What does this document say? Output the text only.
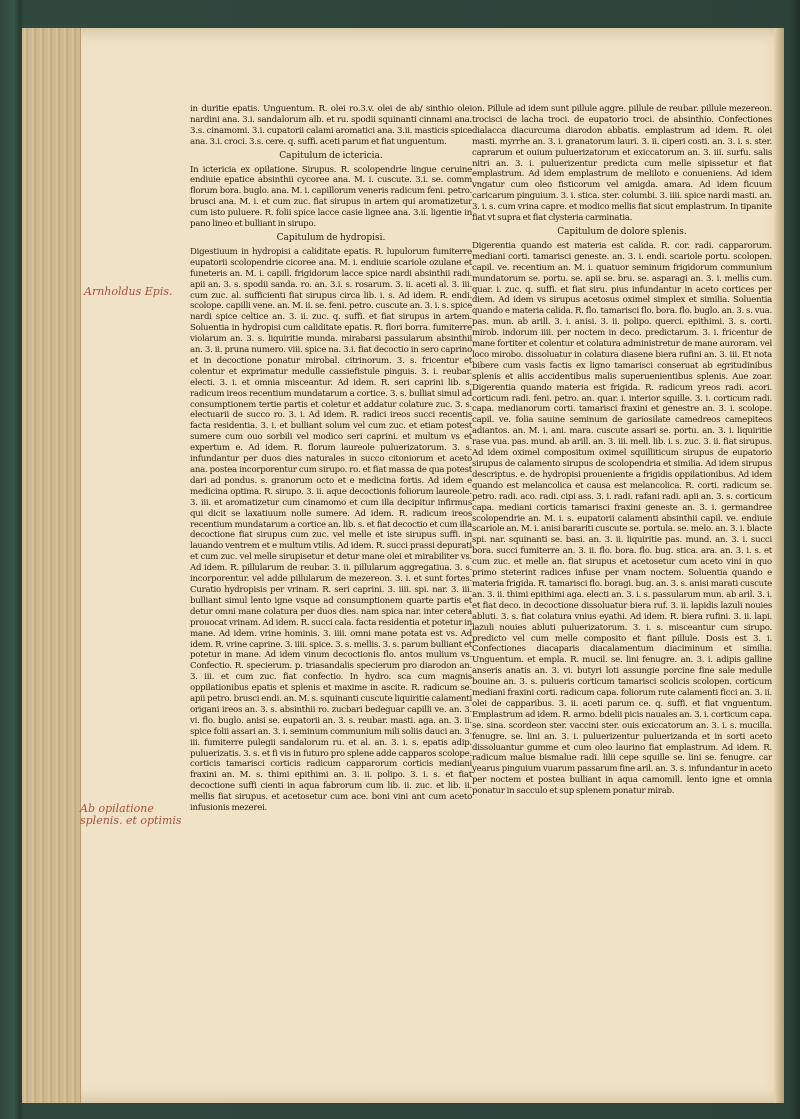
Arnholdus Epis.
Ab opilatione splenis. et optimis

in duritie epatis. Unguentum. R. olei ro.3.v. olei de ab/ sinthio olei nardini ana. 3.i. sandalorum alb. et ru. spodii squinanti cinnami ana. 3.s. cinamomi. 3.i. cupatorii calami aromatici ana. 3.ii. masticis spice ana. 3.i. croci. 3.s. cere. q. suffi. aceti parum et fiat unguentum.

Capitulum de ictericia.

In ictericia ex opilatione. Sirupus. R. scolopendrie lingue ceruine endiuie epatice absinthii cycoree ana. M. i. cuscute. 3.i. se. comm florum bora. buglo. ana. M. i. capillorum veneris radicum feni. petro. brusci ana. M. i. et cum zuc. fiat sirupus in artem qui aromatizetur cum isto puluere. R. folii spice lacce casie lignee ana. 3.ii. ligentie in pano lineo et bulliant in sirupo.

Capitulum de hydropisi.

Digestiuum in hydropisi a caliditate epatis. R. lupulorum fumiterre eupatorii scolopendrie cicoree ana. M. i. endiuie scariole ozulane et funeteris an. M. i. capill. frigidorum lacce spice nardi absinthii radi. apii an. 3. s. spodii sanda. ro. an. 3.i. s. rosarum. 3. ii. aceti al. 3. iii. cum zuc. al. sufficienti fiat sirupus circa lib. i. s. Ad idem. R. endi. scolope. capilli vene. an. M. ii. se. feni. petro. cuscute an. 3. i. s. spice nardi spice celtice an. 3. ii. zuc. q. suffi. et fiat sirupus in artem. Soluentia in hydropisi cum caliditate epatis. R. flori borra. fumiterre violarum an. 3. s. liquiritie munda. mirabarsi passularum absinthii an. 3. ii. pruna numero. viii. spice na. 3.i. fiat decoctio in sero caprino et in decoctione ponatur mirobal. citrinorum. 3. s. fricentur et colentur et exprimatur medulle cassiefistule pinguis. 3. i. reubar. electi. 3. i. et omnia misceantur. Ad idem. R. seri caprini lib. s. radicum ireos recentium mundatarum a cortice. 3. s. bulliat simul ad consumptionem tertie partis et coletur et addatur colature zuc. 3. s. electuarii de succo ro. 3. i. Ad idem. R. radici ireos succi recentis facta residentia. 3. i. et bulliant solum vel cum zuc. et etiam potest sumere cum ouo sorbili vel modico seri caprini. et multum vs et expertum e. Ad idem. R. florum laureole puluerizatorum. 3. s. infundantur per duos dies naturales in succo citoniorum et aceto ana. postea incorporentur cum sirupo. ro. et fiat massa de qua potest dari ad pondus. s. granorum octo et e medicina fortis. Ad idem e medicina optima. R. sirupo. 3. ii. aque decoctionis foliorum laureole. 3. iii. et aromatizetur cum cinamomo et cum illa decipitur infirmus qui dicit se laxatiuum nolle sumere. Ad idem. R. radicum ireos recentium mundatarum a cortice an. lib. s. et fiat decoctio et cum illa decoctione fiat sirupus cum zuc. vel melle et iste sirupus suffi. in lauando ventrem et e multum vtilis. Ad idem. R. succi prassi depurati et cum zuc. vel melle sirupisetur et detur mane olei et mirabiliter vs. Ad idem. R. pillularum de reubar. 3. ii. pillularum aggregatiua. 3. s. incorporentur. vel adde pillularum de mezereon. 3. i. et sunt fortes. Curatio hydropisis per vrinam. R. seri caprini. 3. iiii. spi. nar. 3. iii. bulliant simul lento igne vsque ad consumptionem quarte partis et detur omni mane colatura per duos dies. nam spica nar. inter cetera prouocat vrinam. Ad idem. R. succi cala. facta residentia et potetur in mane. Ad idem. vrine hominis. 3. iiii. omni mane potata est vs. Ad idem. R. vrine caprine. 3. iiii. spice. 3. s. mellis. 3. s. parum bulliant et potetur in mane. Ad idem vinum decoctionis flo. antos mulium vs. Confectio. R. specierum. p. triasandalis specierum pro diarodon an. 3. iii. et cum zuc. fiat confectio. In hydro. sca cum magnis oppilationibus epatis et splenis et maxime in ascite. R. radicum se. apii petro. brusci endi. an. M. s. squinanti cuscute liquiritie calamenti origani ireos an. 3. s. absinthii ro. zucbari bedeguar capilli ve. an. 3. vi. flo. buglo. anisi se. eupatorii an. 3. s. reubar. masti. aga. an. 3. ii. spice folii assari an. 3. i. seminum communium mili soliis dauci an. 3. iii. fumiterre pulegii sandalorum ru. et al. an. 3. i. s. epatis adip. puluerizatis. 3. s. et fi vis in futuro pro splene adde capparos scolope. corticis tamarisci corticis radicum capparorum corticis mediani fraxini an. M. s. thimi epithimi an. 3. ii. polipo. 3. i. s. et fiat decoctione suffi cienti in aqua fabrorum cum lib. ii. zuc. et lib. ii. mellis fiat sirupus. et acetosetur cum ace. boni vini ant cum aceto infusionis mezerei.

on. Pillule ad idem sunt pillule aggre. pillule de reubar. pillule mezereon. trocisci de lacha troci. de eupatorio troci. de absinthio. Confectiones dialacca diacurcuma diarodon abbatis. emplastrum ad idem. R. olei masti. myrrhe an. 3. i. granatorum lauri. 3. ii. ciperi costi. an. 3. i. s. ster. caprarum et ouium puluerizatorum et exiccatorum an. 3. iii. surfu. salis nitri an. 3. i. puluerizentur predicta cum melle sipissetur et fiat emplastrum. Ad idem emplastrum de meliloto e conueniens. Ad idem vngatur cum oleo fisticorum vel amigda. amara. Ad idem ficuum caricarum pinguium. 3. i. stica. ster. columbi. 3. iiii. spice nardi masti. an. 3. i. s. cum vrina capre. et modico mellis fiat sicut emplastrum. In tipanite fiat vt supra et fiat clysteria carminatia.

Capitulum de dolore splenis.

Digerentia quando est materia est calida. R. cor. radi. capparorum. mediani corti. tamarisci geneste. an. 3. i. endi. scariole portu. scolopen. capil. ve. recentium an. M. i. quatuor seminum frigidorum communium mundatorum se. portu. se. apii se. bru. se. asparagi an. 3. i. mellis cum. quar. i. zuc. q. suffi. et fiat siru. pius infundantur in aceto cortices per diem. Ad idem vs sirupus acetosus oximel simplex et similia. Soluentia quando e materia calida. R. flo. tamarisci flo. bora. flo. buglo. an. 3. s. vua. pas. mun. ab arill. 3. i. anisi. 3. ii. polipo. querci. epithimi. 3. s. corti. mirob. indorum iiii. per noctem in deco. predictarum. 3. i. fricentur de mane fortiter et colentur et colatura administretur de mane auroram. vel loco mirobo. dissoluatur in colatura diasene biera rufini an. 3. iii. Et nota bibere cum vasis factis ex ligno tamarisci conseruat ab egritudinibus splenis et aliis accidentibus malis superuenientibus splenis. Aue zoar. Digerentia quando materia est frigida. R. radicum yreos radi. acori. corticum radi. feni. petro. an. quar. i. interior squille. 3. i. corticum radi. capa. medianorum corti. tamarisci fraxini et genestre an. 3. i. scolope. capil. ve. folia sauine seminum de gariosilate camedreos camepiteos adiantos. an. M. i. ani. mara. cuscute assari se. portu. an. 3. i. liquiritie rase vua. pas. mund. ab arill. an. 3. iii. mell. lib. i. s. zuc. 3. ii. fiat sirupus. Ad idem oximel compositum oximel squilliticum sirupus de eupatorio sirupus de calamento sirupus de scolopendria et similia. Ad idem sirupus descriptus. e. de hydropisi proueniente a frigidis oppilationibus. Ad idem quando est melancolica et causa est melancolica. R. corti. radicum se. petro. radi. aco. radi. cipi ass. 3. i. radi. rafani radi. apii an. 3. s. corticum capa. mediani corticis tamarisci fraxini geneste an. 3. i. germandree scolopendrie an. M. i. s. eupatorii calamenti absinthii capil. ve. endiuie scariole an. M. i. anisi barariti cuscute se. portula. se. melo. an. 3. i. blacte spi. nar. squinanti se. basi. an. 3. ii. liquiritie pas. mund. an. 3. i. succi bora. succi fumiterre an. 3. ii. flo. bora. flo. bug. stica. ara. an. 3. i. s. et cum zuc. et melle an. fiat sirupus et acetosetur cum aceto vini in quo primo steterint radices infuse per vnam noctem. Soluentia quando e materia frigida. R. tamarisci flo. boragi. bug. an. 3. s. anisi marati cuscute an. 3. ii. thimi epithimi aga. electi an. 3. i. s. passularum mun. ab aril. 3. i. et fiat deco. in decoctione dissoluatur biera ruf. 3. ii. lapidis lazuli nouies abluti. 3. s. fiat colatura vnius eyathi. Ad idem. R. biera rufini. 3. ii. lapi. lazuli nouies abluti puluerizatorum. 3. i. s. misceantur cum sirupo. predicto vel cum melle composito et fiant pillule. Dosis est 3. i. Confectiones diacaparis diacalamentum diaciminum et similia. Unguentum. et empla. R. mucil. se. lini fenugre. an. 3. i. adipis galline anseris anatis an. 3. vi. butyri loti assungie porcine fine sale medulle bouine an. 3. s. pulueris corticum tamarisci scolicis scolopen. corticum mediani fraxini corti. radicum capa. foliorum rute calamenti ficci an. 3. ii. olei de capparibus. 3. ii. aceti parum ce. q. suffi. et fiat vnguentum. Emplastrum ad idem. R. armo. bdelii picis nauales an. 3. i. corticum capa. se. sina. scordeon ster. vaccini ster. ouis exiccatorum an. 3. i. s. mucilla. fenugre. se. lini an. 3. i. puluerizentur puluerizanda et in sorti aceto dissoluantur gumme et cum oleo laurino fiat emplastrum. Ad idem. R. radicum malue bismalue radi. lilii cepe squille se. lini se. fenugre. car yearus pinguium vuarum passarum fine aril. an. 3. s. infundantur in aceto per noctem et postea bulliant in aqua camomill. lento igne et omnia ponatur in sacculo et sup splenem ponatur mirab.
